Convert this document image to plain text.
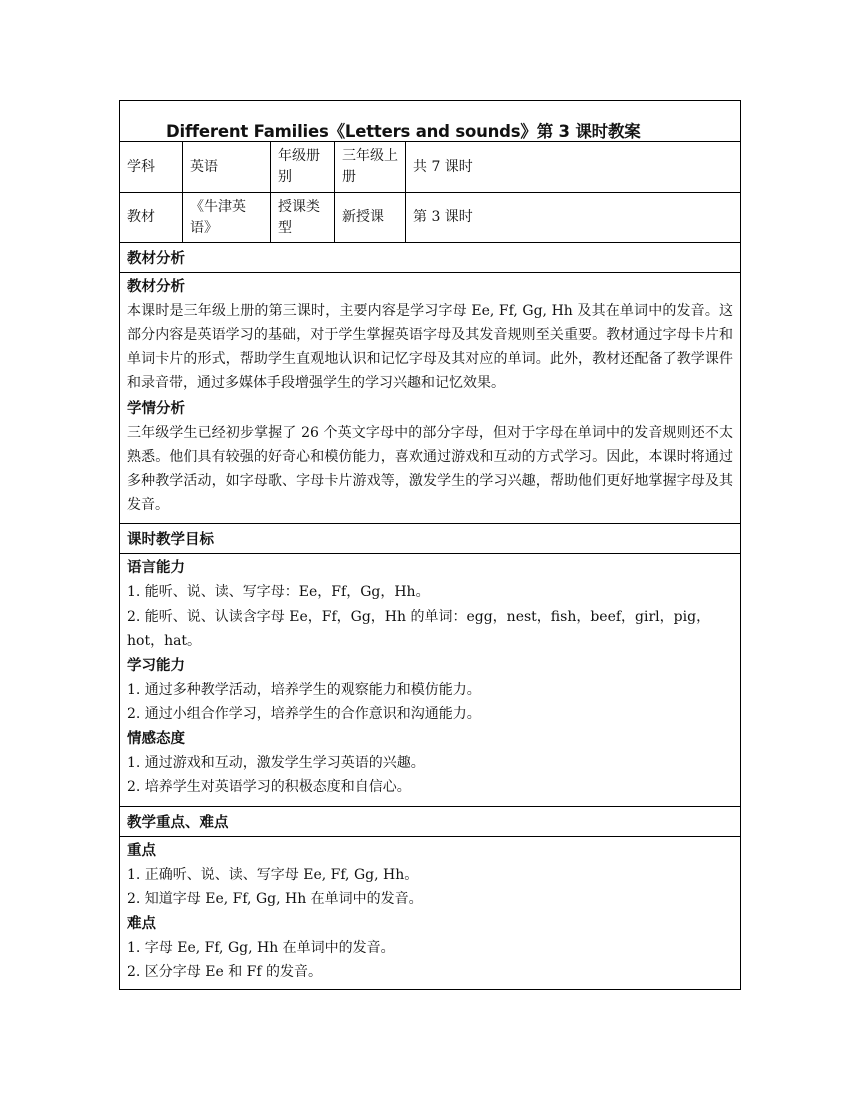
Different Families《Letters and sounds》第 3 课时教案
学科	英语
年级册别
三年级上册
共 7 课时
教材
《牛津英语》
授课类型
新授课	第 3 课时
教材分析
教材分析

本课时是三年级上册的第三课时，主要内容是学习字母 Ee, Ff, Gg, Hh 及其在单词中的发音。这部分内容是英语学习的基础，对于学生掌握英语字母及其发音规则至关重要。教材通过字母卡片和单词卡片的形式，帮助学生直观地认识和记忆字母及其对应的单词。此外，教材还配备了教学课件和录音带，通过多媒体手段增强学生的学习兴趣和记忆效果。

学情分析

三年级学生已经初步掌握了 26 个英文字母中的部分字母，但对于字母在单词中的发音规则还不太熟悉。他们具有较强的好奇心和模仿能力，喜欢通过游戏和互动的方式学习。因此，本课时将通过多种教学活动，如字母歌、字母卡片游戏等，激发学生的学习兴趣，帮助他们更好地掌握字母及其发音。

课时教学目标
语言能力

1. 能听、说、读、写字母：Ee，Ff，Gg，Hh。

2. 能听、说、认读含字母 Ee，Ff，Gg，Hh 的单词：egg，nest，fish，beef，girl，pig，hot，hat。

学习能力

1. 通过多种教学活动，培养学生的观察能力和模仿能力。

2. 通过小组合作学习，培养学生的合作意识和沟通能力。

情感态度

1. 通过游戏和互动，激发学生学习英语的兴趣。

2. 培养学生对英语学习的积极态度和自信心。

教学重点、难点
重点

1. 正确听、说、读、写字母 Ee, Ff, Gg, Hh。

2. 知道字母 Ee, Ff, Gg, Hh 在单词中的发音。

难点

1. 字母 Ee, Ff, Gg, Hh 在单词中的发音。

2. 区分字母 Ee 和 Ff 的发音。
